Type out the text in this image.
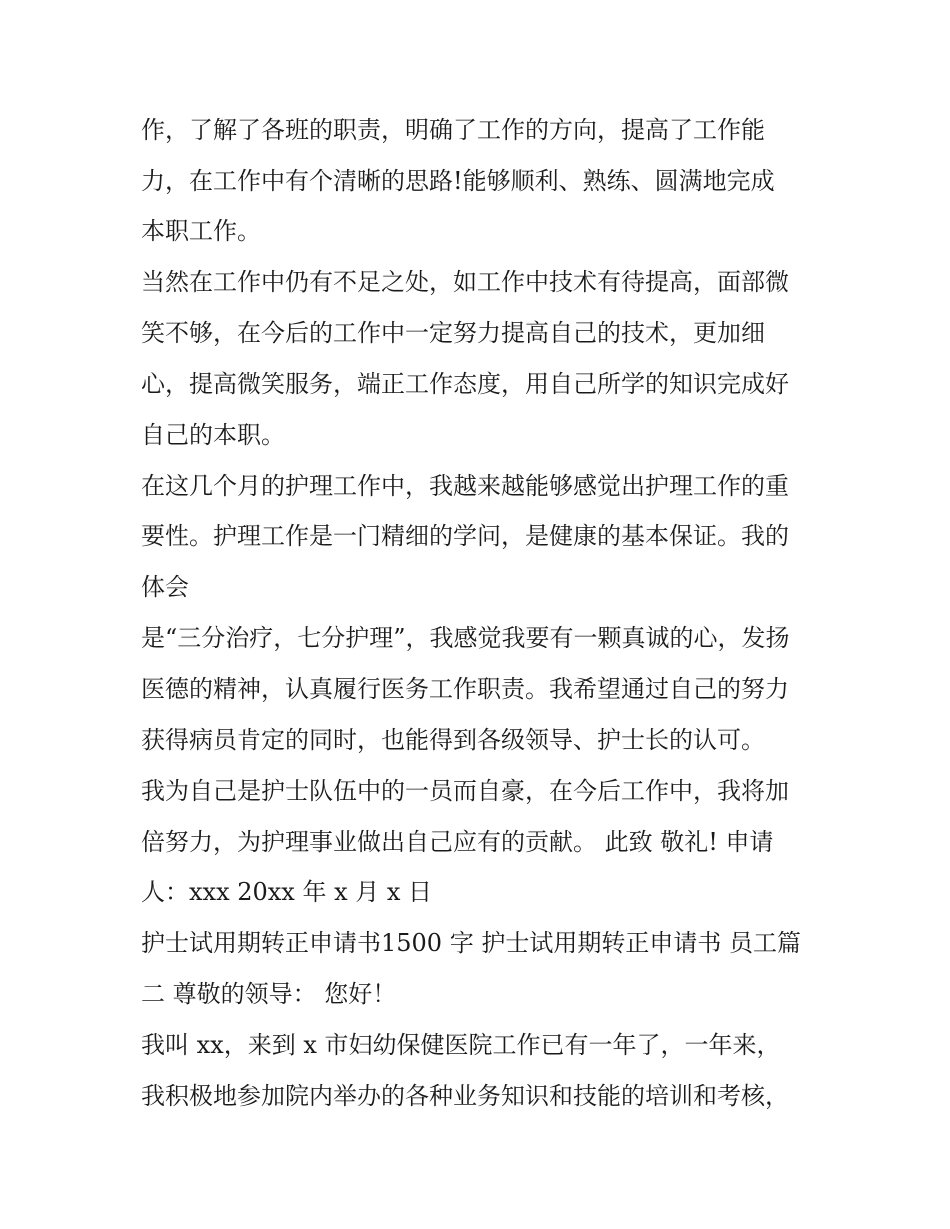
作，了解了各班的职责，明确了工作的方向，提高了工作能

力，在工作中有个清晰的思路!能够顺利、熟练、圆满地完成

本职工作。

当然在工作中仍有不足之处，如工作中技术有待提高，面部微

笑不够，在今后的工作中一定努力提高自己的技术，更加细

心，提高微笑服务，端正工作态度，用自己所学的知识完成好

自己的本职。

在这几个月的护理工作中，我越来越能够感觉出护理工作的重

要性。护理工作是一门精细的学问，是健康的基本保证。我的

体会

是“三分治疗，七分护理”，我感觉我要有一颗真诚的心，发扬

医德的精神，认真履行医务工作职责。我希望通过自己的努力

获得病员肯定的同时，也能得到各级领导、护士长的认可。

我为自己是护士队伍中的一员而自豪，在今后工作中，我将加

倍努力，为护理事业做出自己应有的贡献。 此致 敬礼! 申请

人：xxx 20xx 年 x 月 x 日

护士试用期转正申请书1500 字 护士试用期转正申请书 员工篇

二 尊敬的领导： 您好！

我叫 xx，来到 x 市妇幼保健医院工作已有一年了，一年来，

我积极地参加院内举办的各种业务知识和技能的培训和考核，
